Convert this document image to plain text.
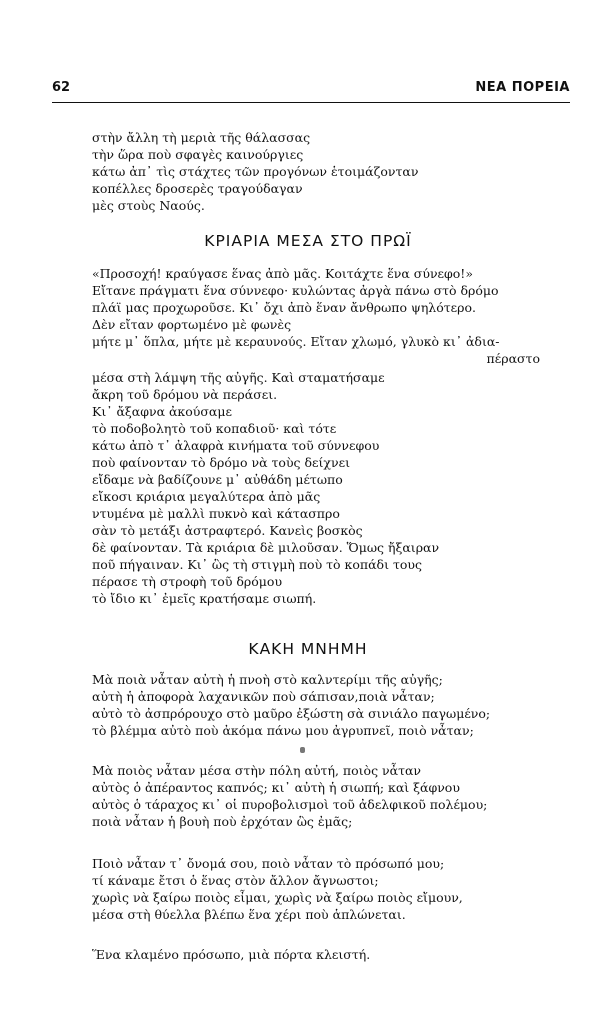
62	ΝΕΑ ΠΟΡΕΙΑ
στὴν ἄλλη τὴ μεριὰ τῆς θάλασσας
τὴν ὥρα ποὺ σφαγὲς καινούργιες
κάτω ἀπ᾿ τὶς στάχτες τῶν προγόνων ἑτοιμάζονταν
κοπέλλες δροσερὲς τραγούδαγαν
μὲς στοὺς Ναούς.
ΚΡΙΑΡΙΑ ΜΕΣΑ ΣΤΟ ΠΡΩΪ
«Προσοχή! κραύγασε ἕνας ἀπὸ μᾶς. Κοιτάχτε ἕνα σύνεφο!»
Εἴτανε πράγματι ἕνα σύννεφο· κυλώντας ἀργὰ πάνω στὸ δρόμο
πλάϊ μας προχωροῦσε. Κι᾿ ὄχι ἀπὸ ἕναν ἄνθρωπο ψηλότερο.
Δὲν εἴταν φορτωμένο μὲ φωνὲς
μήτε μ᾿ ὅπλα, μήτε μὲ κεραυνούς. Εἴταν χλωμό, γλυκὸ κι᾿ ἀδια-
πέραστο
μέσα στὴ λάμψη τῆς αὐγῆς. Καὶ σταματήσαμε
ἄκρη τοῦ δρόμου νὰ περάσει.
Κι᾿ ἄξαφνα ἀκούσαμε
τὸ ποδοβολητὸ τοῦ κοπαδιοῦ· καὶ τότε
κάτω ἀπὸ τ᾿ ἀλαφρὰ κινήματα τοῦ σύννεφου
ποὺ φαίνονταν τὸ δρόμο νὰ τοὺς δείχνει
εἴδαμε νὰ βαδίζουνε μ᾿ αὐθάδη μέτωπο
εἴκοσι κριάρια μεγαλύτερα ἀπὸ μᾶς
ντυμένα μὲ μαλλὶ πυκνὸ καὶ κάτασπρο
σὰν τὸ μετάξι ἀστραφτερό. Κανεὶς βοσκὸς
δὲ φαίνονταν. Τὰ κριάρια δὲ μιλοῦσαν. Ὅμως ἤξαιραν
ποῦ πήγαιναν. Κι᾿ ὣς τὴ στιγμὴ ποὺ τὸ κοπάδι τους
πέρασε τὴ στροφὴ τοῦ δρόμου
τὸ ἴδιο κι᾿ ἐμεῖς κρατήσαμε σιωπή.
ΚΑΚΗ ΜΝΗΜΗ
Μὰ ποιὰ νἆταν αὐτὴ ἡ πνοὴ στὸ καλντερίμι τῆς αὐγῆς;
αὐτὴ ἡ ἀποφορὰ λαχανικῶν ποὺ σάπισαν,ποιὰ νἆταν;
αὐτὸ τὸ ἀσπρόρουχο στὸ μαῦρο ἐξώστη σὰ σινιάλο παγωμένο;
τὸ βλέμμα αὐτὸ ποὺ ἀκόμα πάνω μου ἀγρυπνεῖ, ποιὸ νἆταν;
Μὰ ποιὸς νἆταν μέσα στὴν πόλη αὐτή, ποιὸς νἆταν
αὐτὸς ὁ ἀπέραντος καπνός; κι᾿ αὐτὴ ἡ σιωπή; καὶ ξάφνου
αὐτὸς ὁ τάραχος κι᾿ οἱ πυροβολισμοὶ τοῦ ἀδελφικοῦ πολέμου;
ποιὰ νἆταν ἡ βουὴ ποὺ ἐρχόταν ὣς ἐμᾶς;
Ποιὸ νἆταν τ᾿ ὄνομά σου, ποιὸ νἆταν τὸ πρόσωπό μου;
τί κάναμε ἔτσι ὁ ἕνας στὸν ἄλλον ἄγνωστοι;
χωρὶς νὰ ξαίρω ποιὸς εἶμαι, χωρὶς νὰ ξαίρω ποιὸς εἴμουν,
μέσα στὴ θύελλα βλέπω ἕνα χέρι ποὺ ἁπλώνεται.
Ἕνα κλαμένο πρόσωπο, μιὰ πόρτα κλειστή.
